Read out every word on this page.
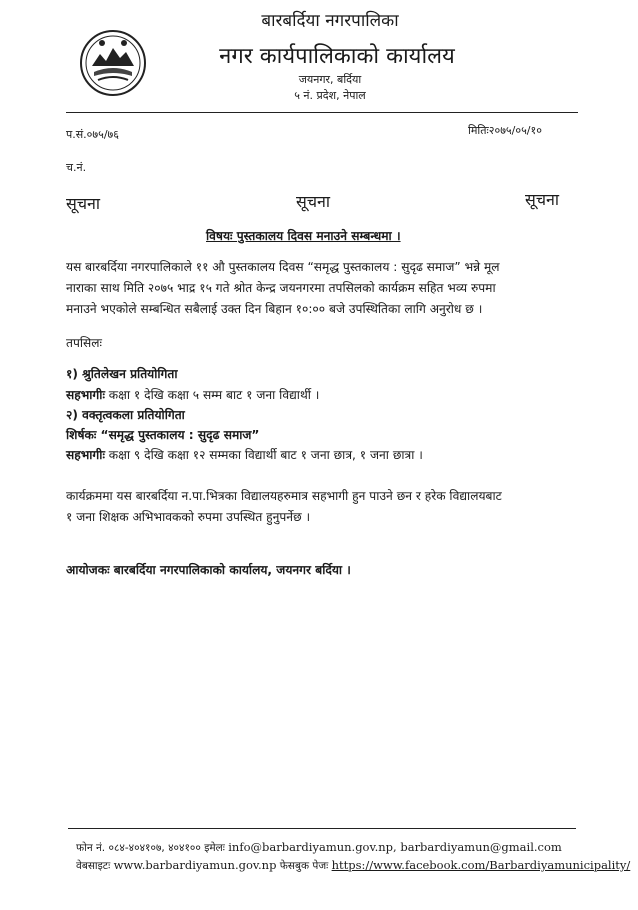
बारबर्दिया नगरपालिका
नगर कार्यपालिकाको कार्यालय
जयनगर, बर्दिया
५ नं. प्रदेश, नेपाल
प.सं.०७५/७६	मितिः२०७५/०५/१०
च.नं.
सूचना	सूचना	सूचना
विषयः पुस्तकालय दिवस मनाउने सम्बन्धमा ।
यस बारबर्दिया नगरपालिकाले ११ औ पुस्तकालय दिवस “समृद्ध पुस्तकालय : सुदृढ समाज” भन्ने मूल
नाराका साथ मिति २०७५ भाद्र १५ गते श्रोत केन्द्र जयनगरमा तपसिलको कार्यक्रम सहित भव्य रुपमा
मनाउने भएकोले सम्बन्धित सबैलाई उक्त दिन बिहान १०:०० बजे उपस्थितिका लागि अनुरोध छ ।
तपसिलः
१) श्रुतिलेखन प्रतियोगिता
सहभागीः कक्षा १ देखि कक्षा ५ सम्म बाट १ जना विद्यार्थी ।
२) वक्तृत्वकला प्रतियोगिता
शिर्षकः “समृद्ध पुस्तकालय : सुदृढ समाज”
सहभागीः कक्षा ९ देखि कक्षा १२ सम्मका विद्यार्थी बाट १ जना छात्र, १ जना छात्रा ।
कार्यक्रममा यस बारबर्दिया न.पा.भित्रका विद्यालयहरुमात्र सहभागी हुन पाउने छन र हरेक विद्यालयबाट
१ जना शिक्षक अभिभावकको रुपमा उपस्थित हुनुपर्नेछ ।
आयोजकः बारबर्दिया नगरपालिकाको कार्यालय, जयनगर बर्दिया ।
फोन नं. ०८४-४०४१०७, ४०४१०० इमेलः info@barbardiyamun.gov.np, barbardiyamun@gmail.com
वेबसाइटः www.barbardiyamun.gov.np फेसबुक पेजः https://www.facebook.com/Barbardiyamunicipality/
